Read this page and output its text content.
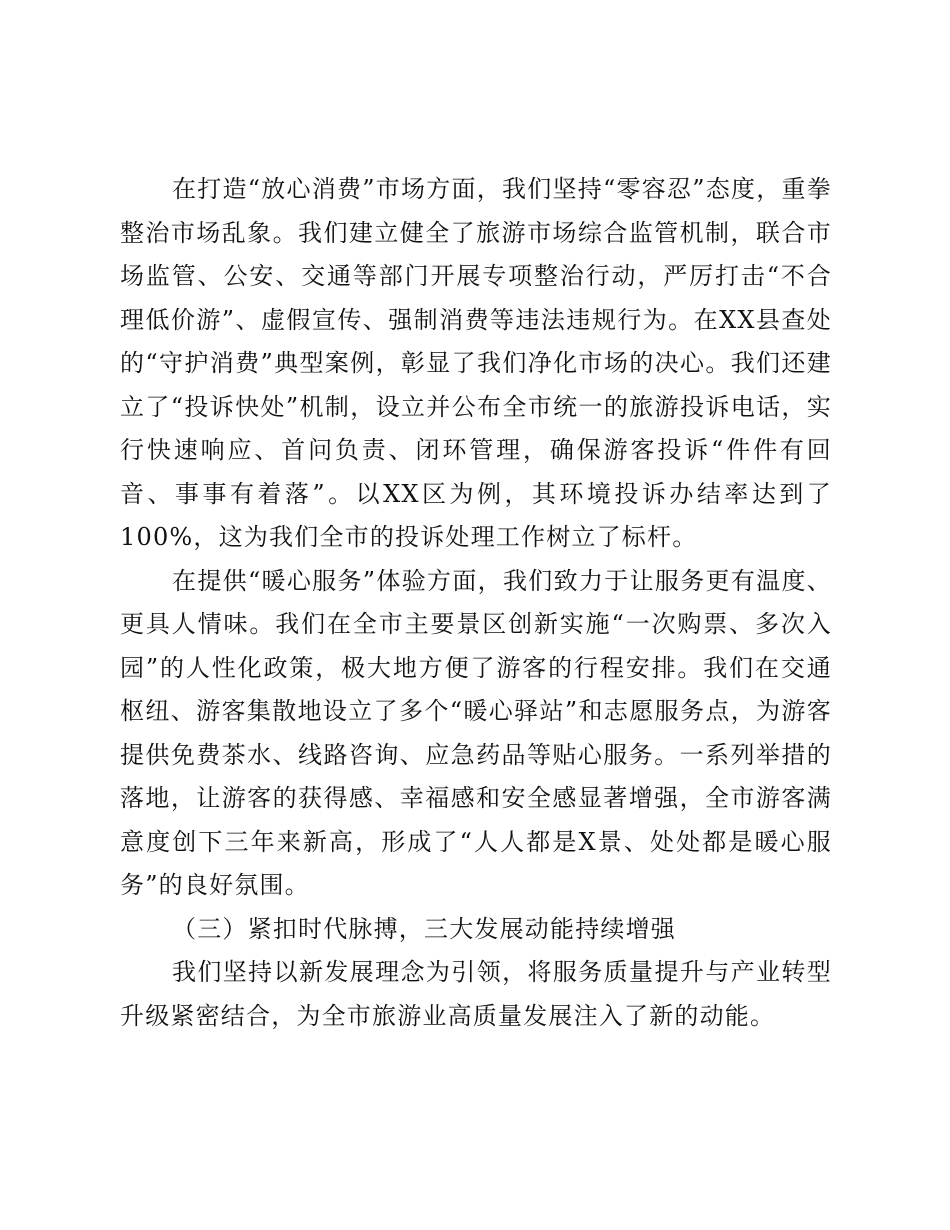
在打造“放心消费”市场方面，我们坚持“零容忍”态度，重拳整治市场乱象。我们建立健全了旅游市场综合监管机制，联合市场监管、公安、交通等部门开展专项整治行动，严厉打击“不合理低价游”、虚假宣传、强制消费等违法违规行为。在XX县查处的“守护消费”典型案例，彰显了我们净化市场的决心。我们还建立了“投诉快处”机制，设立并公布全市统一的旅游投诉电话，实行快速响应、首问负责、闭环管理，确保游客投诉“件件有回音、事事有着落”。以XX区为例，其环境投诉办结率达到了100%，这为我们全市的投诉处理工作树立了标杆。

在提供“暖心服务”体验方面，我们致力于让服务更有温度、更具人情味。我们在全市主要景区创新实施“一次购票、多次入园”的人性化政策，极大地方便了游客的行程安排。我们在交通枢纽、游客集散地设立了多个“暖心驿站”和志愿服务点，为游客提供免费茶水、线路咨询、应急药品等贴心服务。一系列举措的落地，让游客的获得感、幸福感和安全感显著增强，全市游客满意度创下三年来新高，形成了“人人都是X景、处处都是暖心服务”的良好氛围。

（三）紧扣时代脉搏，三大发展动能持续增强

我们坚持以新发展理念为引领，将服务质量提升与产业转型升级紧密结合，为全市旅游业高质量发展注入了新的动能。
